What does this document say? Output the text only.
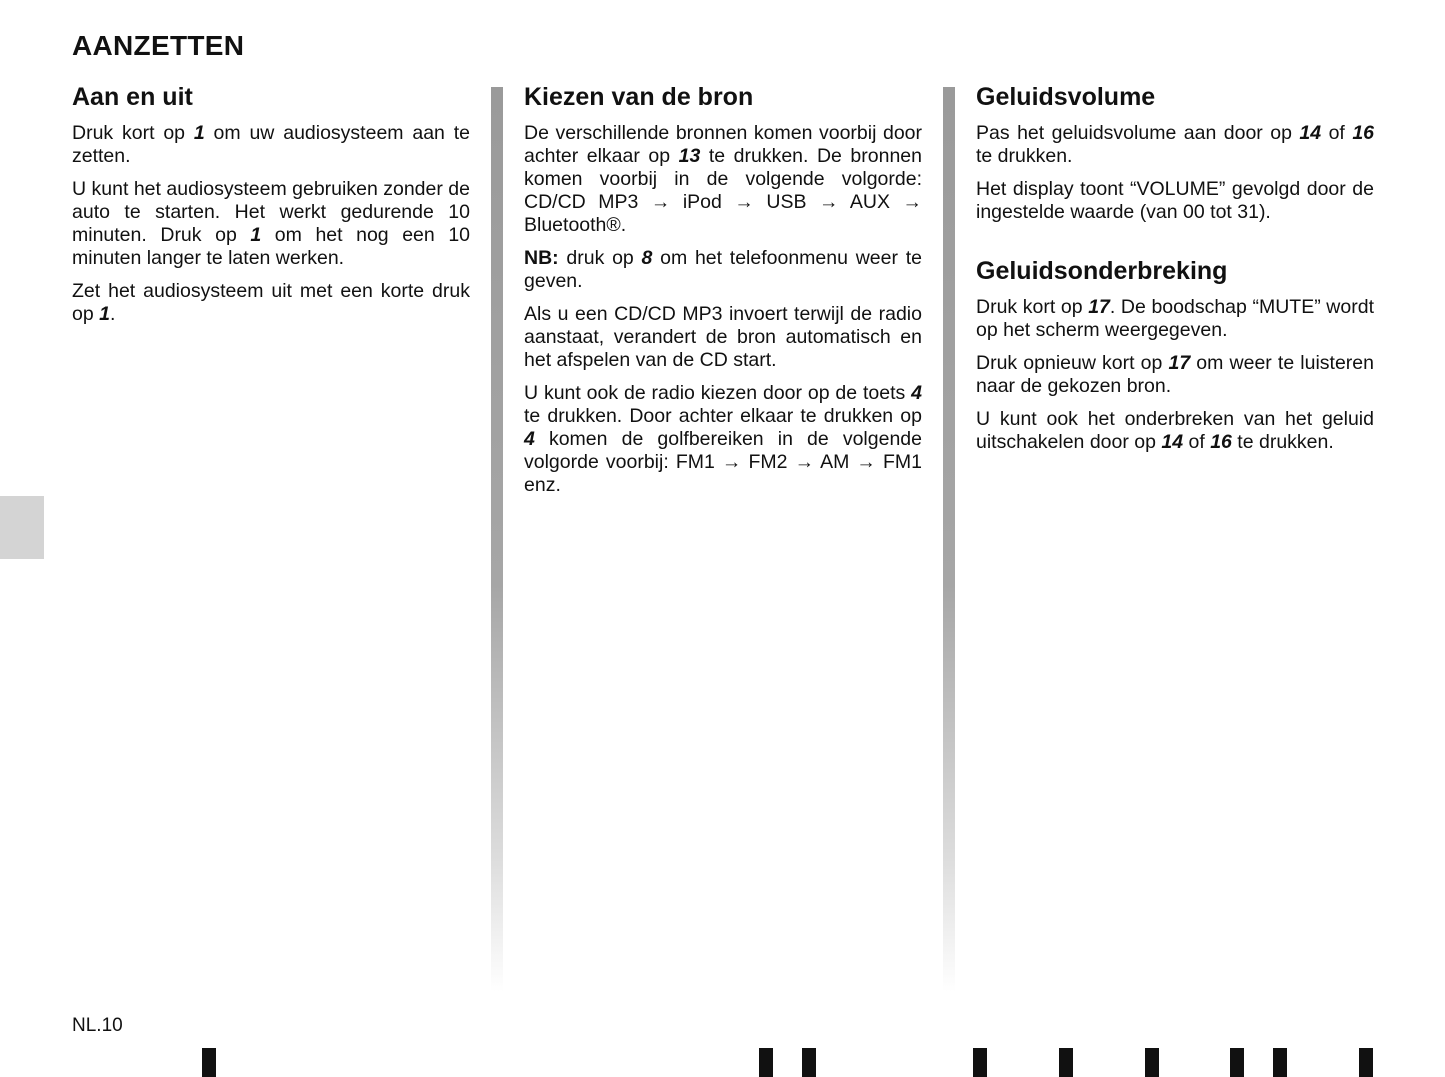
AANZETTEN
Aan en uit

Druk kort op 1 om uw audiosysteem aan te zetten.

U kunt het audiosysteem gebruiken zonder de auto te starten. Het werkt gedurende 10 minuten. Druk op 1 om het nog een 10 minuten langer te laten werken.

Zet het audiosysteem uit met een korte druk op 1.

Kiezen van de bron

De verschillende bronnen komen voorbij door achter elkaar op 13 te drukken. De bronnen komen voorbij in de volgende volgorde: CD/CD MP3 → iPod → USB → AUX → Bluetooth®.

NB: druk op 8 om het telefoonmenu weer te geven.

Als u een CD/CD MP3 invoert terwijl de radio aanstaat, verandert de bron automatisch en het afspelen van de CD start.

U kunt ook de radio kiezen door op de toets 4 te drukken. Door achter elkaar te drukken op 4 komen de golfbereiken in de volgende volgorde voorbij: FM1 → FM2 → AM → FM1 enz.

Geluidsvolume

Pas het geluidsvolume aan door op 14 of 16 te drukken.

Het display toont “VOLUME” gevolgd door de ingestelde waarde (van 00 tot 31).

Geluidsonderbreking

Druk kort op 17. De boodschap “MUTE” wordt op het scherm weergegeven.

Druk opnieuw kort op 17 om weer te luisteren naar de gekozen bron.

U kunt ook het onderbreken van het geluid uitschakelen door op 14 of 16 te drukken.

NL.10
